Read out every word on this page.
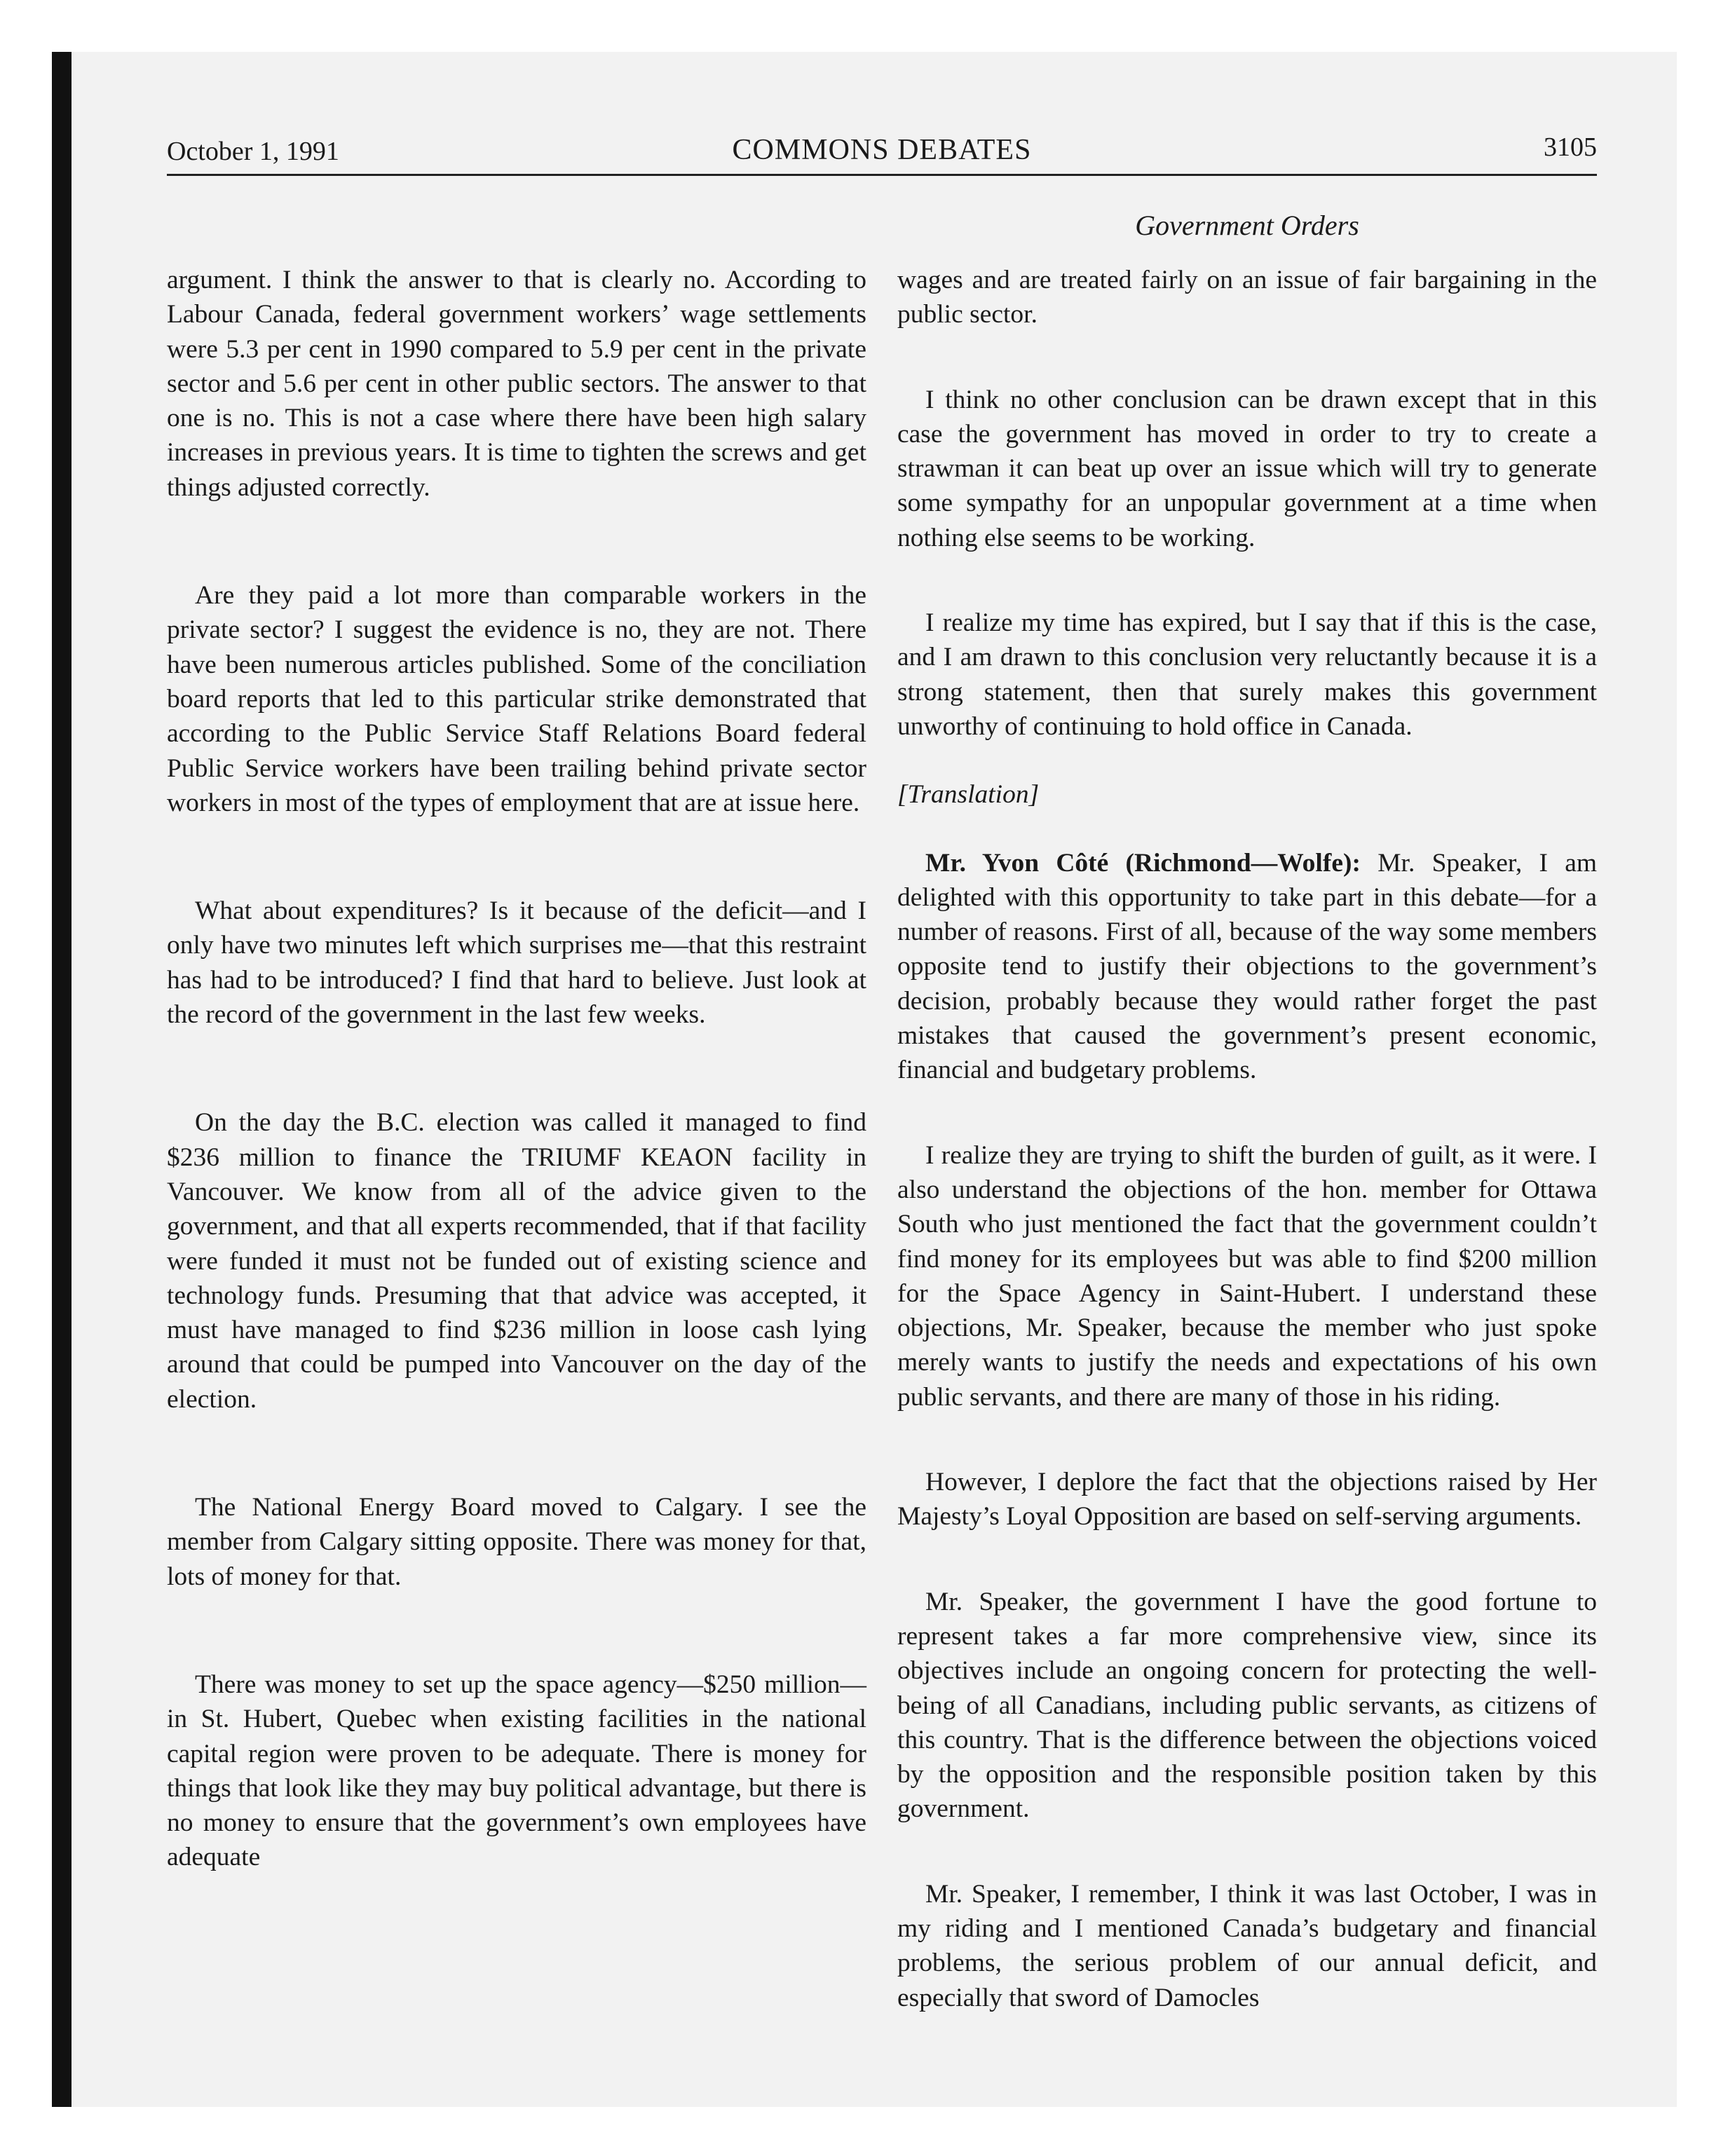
October 1, 1991	COMMONS DEBATES	3105
Government Orders

argument. I think the answer to that is clearly no. According to Labour Canada, federal government workers’ wage settlements were 5.3 per cent in 1990 compared to 5.9 per cent in the private sector and 5.6 per cent in other public sectors. The answer to that one is no. This is not a case where there have been high salary increases in previous years. It is time to tighten the screws and get things adjusted correctly.

Are they paid a lot more than comparable workers in the private sector? I suggest the evidence is no, they are not. There have been numerous articles published. Some of the conciliation board reports that led to this particular strike demonstrated that according to the Public Service Staff Relations Board federal Public Service workers have been trailing behind private sector workers in most of the types of employment that are at issue here.

What about expenditures? Is it because of the deficit—and I only have two minutes left which surprises me—that this restraint has had to be introduced? I find that hard to believe. Just look at the record of the government in the last few weeks.

On the day the B.C. election was called it managed to find $236 million to finance the TRIUMF KEAON facility in Vancouver. We know from all of the advice given to the government, and that all experts recommended, that if that facility were funded it must not be funded out of existing science and technology funds. Presuming that that advice was accepted, it must have managed to find $236 million in loose cash lying around that could be pumped into Vancouver on the day of the election.

The National Energy Board moved to Calgary. I see the member from Calgary sitting opposite. There was money for that, lots of money for that.

There was money to set up the space agency—$250 million—in St. Hubert, Quebec when existing facilities in the national capital region were proven to be adequate. There is money for things that look like they may buy political advantage, but there is no money to ensure that the government’s own employees have adequate

wages and are treated fairly on an issue of fair bargaining in the public sector.

I think no other conclusion can be drawn except that in this case the government has moved in order to try to create a strawman it can beat up over an issue which will try to generate some sympathy for an unpopular government at a time when nothing else seems to be working.

I realize my time has expired, but I say that if this is the case, and I am drawn to this conclusion very reluctantly because it is a strong statement, then that surely makes this government unworthy of continuing to hold office in Canada.

[Translation]

Mr. Yvon Côté (Richmond—Wolfe): Mr. Speaker, I am delighted with this opportunity to take part in this debate—for a number of reasons. First of all, because of the way some members opposite tend to justify their objections to the government’s decision, probably because they would rather forget the past mistakes that caused the government’s present economic, financial and budgetary problems.

I realize they are trying to shift the burden of guilt, as it were. I also understand the objections of the hon. member for Ottawa South who just mentioned the fact that the government couldn’t find money for its employees but was able to find $200 million for the Space Agency in Saint-Hubert. I understand these objections, Mr. Speaker, because the member who just spoke merely wants to justify the needs and expectations of his own public servants, and there are many of those in his riding.

However, I deplore the fact that the objections raised by Her Majesty’s Loyal Opposition are based on self-serving arguments.

Mr. Speaker, the government I have the good fortune to represent takes a far more comprehensive view, since its objectives include an ongoing concern for protecting the well-being of all Canadians, including public servants, as citizens of this country. That is the difference between the objections voiced by the opposition and the responsible position taken by this government.

Mr. Speaker, I remember, I think it was last October, I was in my riding and I mentioned Canada’s budgetary and financial problems, the serious problem of our annual deficit, and especially that sword of Damocles
